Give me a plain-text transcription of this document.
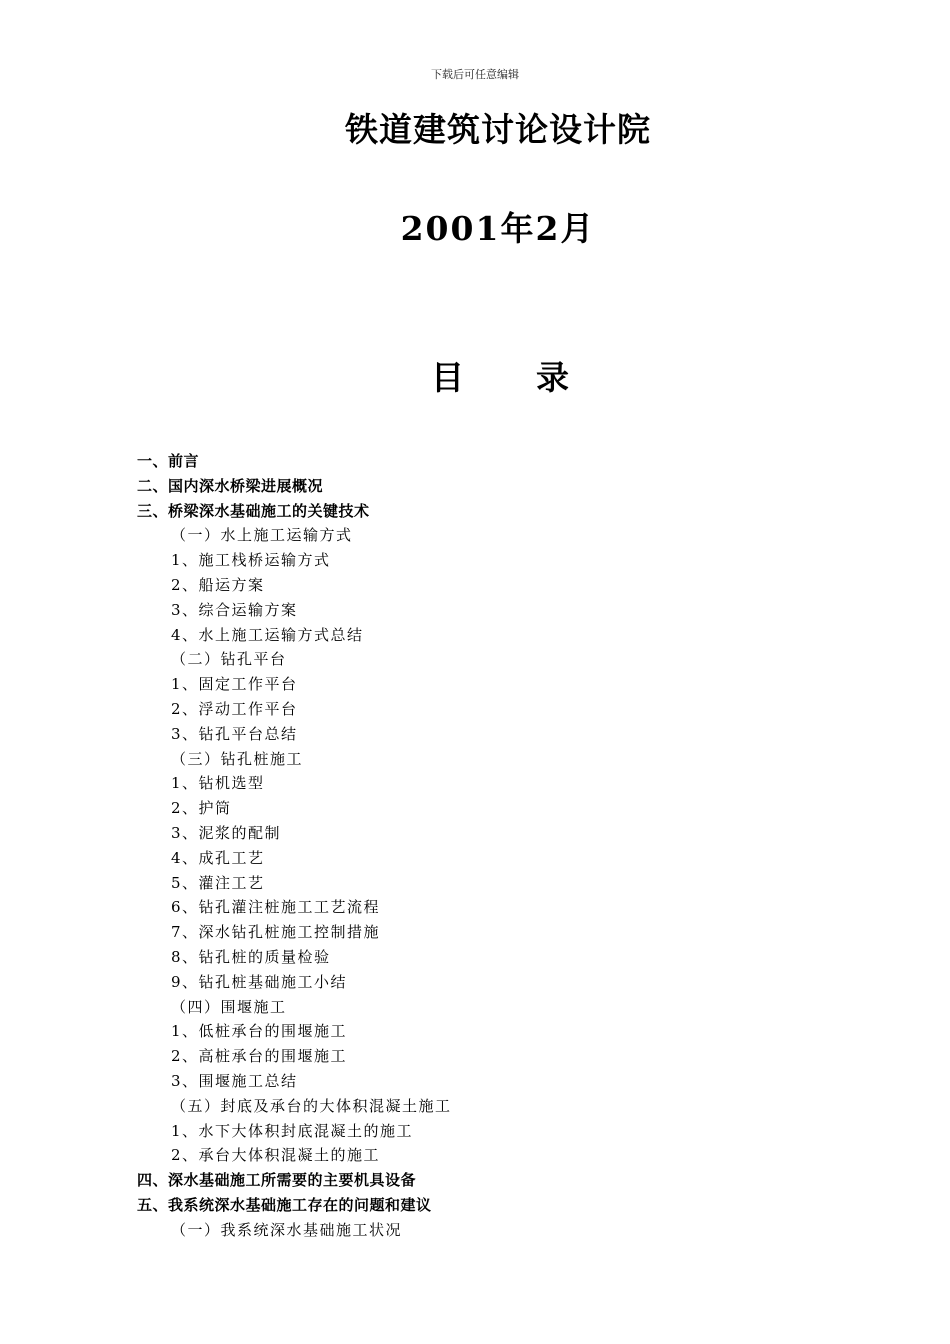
下载后可任意编辑
铁道建筑讨论设计院
2001年2月
目 录
一、前言
二、国内深水桥梁进展概况
三、桥梁深水基础施工的关键技术
（一）水上施工运输方式
1、施工栈桥运输方式
2、船运方案
3、综合运输方案
4、水上施工运输方式总结
（二）钻孔平台
1、固定工作平台
2、浮动工作平台
3、钻孔平台总结
（三）钻孔桩施工
1、钻机选型
2、护筒
3、泥浆的配制
4、成孔工艺
5、灌注工艺
6、钻孔灌注桩施工工艺流程
7、深水钻孔桩施工控制措施
8、钻孔桩的质量检验
9、钻孔桩基础施工小结
（四）围堰施工
1、低桩承台的围堰施工
2、高桩承台的围堰施工
3、围堰施工总结
（五）封底及承台的大体积混凝土施工
1、水下大体积封底混凝土的施工
2、承台大体积混凝土的施工
四、深水基础施工所需要的主要机具设备
五、我系统深水基础施工存在的问题和建议
（一）我系统深水基础施工状况
